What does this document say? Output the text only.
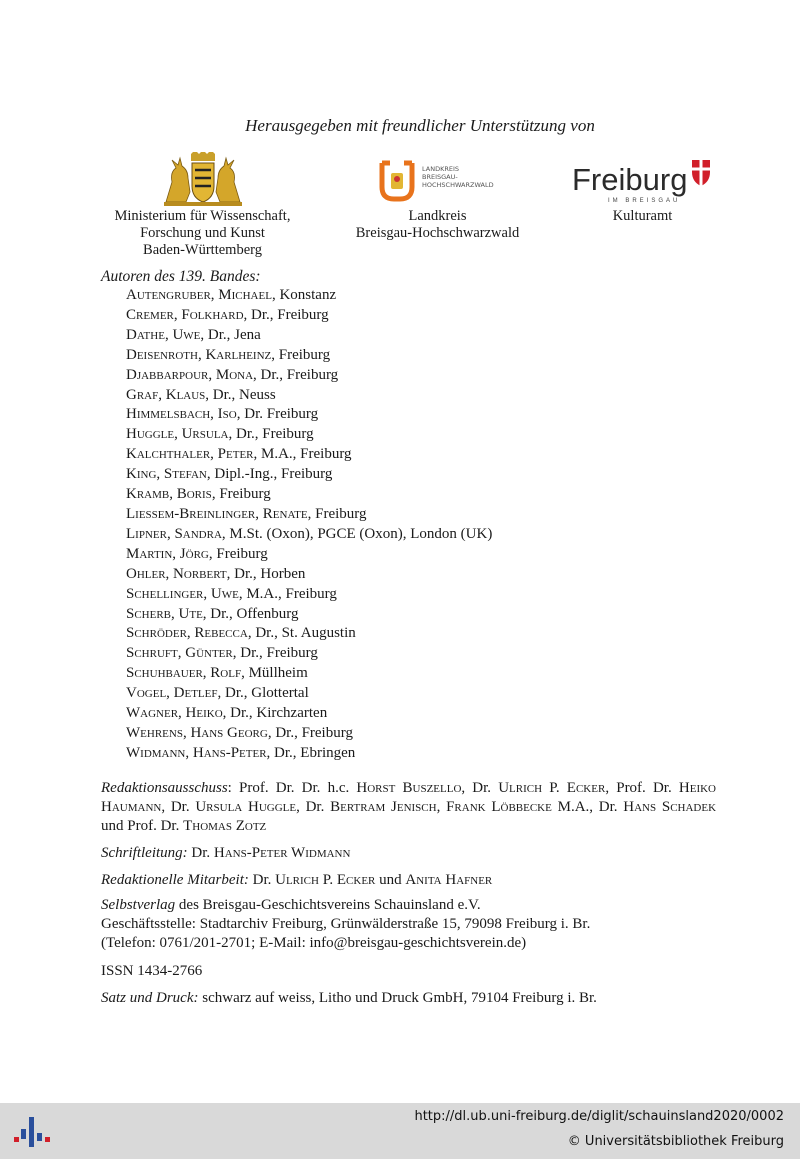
Herausgegeben mit freundlicher Unterstützung von
Ministerium für Wissenschaft,
Forschung und Kunst
Baden-Württemberg
LANDKREIS
BREISGAU-
HOCHSCHWARZWALD
Landkreis
Breisgau-Hochschwarzwald
Freiburg
IM BREISGAU
Kulturamt
Autoren des 139. Bandes:
Autengruber, Michael, Konstanz
Cremer, Folkhard, Dr., Freiburg
Dathe, Uwe, Dr., Jena
Deisenroth, Karlheinz, Freiburg
Djabbarpour, Mona, Dr., Freiburg
Graf, Klaus, Dr., Neuss
Himmelsbach, Iso, Dr. Freiburg
Huggle, Ursula, Dr., Freiburg
Kalchthaler, Peter, M.A., Freiburg
King, Stefan, Dipl.-Ing., Freiburg
Kramb, Boris, Freiburg
Liessem-Breinlinger, Renate, Freiburg
Lipner, Sandra, M.St. (Oxon), PGCE (Oxon), London (UK)
Martin, Jörg, Freiburg
Ohler, Norbert, Dr., Horben
Schellinger, Uwe, M.A., Freiburg
Scherb, Ute, Dr., Offenburg
Schröder, Rebecca, Dr., St. Augustin
Schruft, Günter, Dr., Freiburg
Schuhbauer, Rolf, Müllheim
Vogel, Detlef, Dr., Glottertal
Wagner, Heiko, Dr., Kirchzarten
Wehrens, Hans Georg, Dr., Freiburg
Widmann, Hans-Peter, Dr., Ebringen
Redaktionsausschuss: Prof. Dr. Dr. h.c. Horst Buszello, Dr. Ulrich P. Ecker, Prof. Dr. Heiko Haumann, Dr. Ursula Huggle, Dr. Bertram Jenisch, Frank Löbbecke M.A., Dr. Hans Schadek und Prof. Dr. Thomas Zotz
Schriftleitung: Dr. Hans-Peter Widmann
Redaktionelle Mitarbeit: Dr. Ulrich P. Ecker und Anita Hafner
Selbstverlag des Breisgau-Geschichtsvereins Schauinsland e.V.
Geschäftsstelle: Stadtarchiv Freiburg, Grünwälderstraße 15, 79098 Freiburg i. Br.
(Telefon: 0761/201-2701; E-Mail: info@breisgau-geschichtsverein.de)
ISSN 1434-2766
Satz und Druck: schwarz auf weiss, Litho und Druck GmbH, 79104 Freiburg i. Br.
http://dl.ub.uni-freiburg.de/diglit/schauinsland2020/0002
© Universitätsbibliothek Freiburg
